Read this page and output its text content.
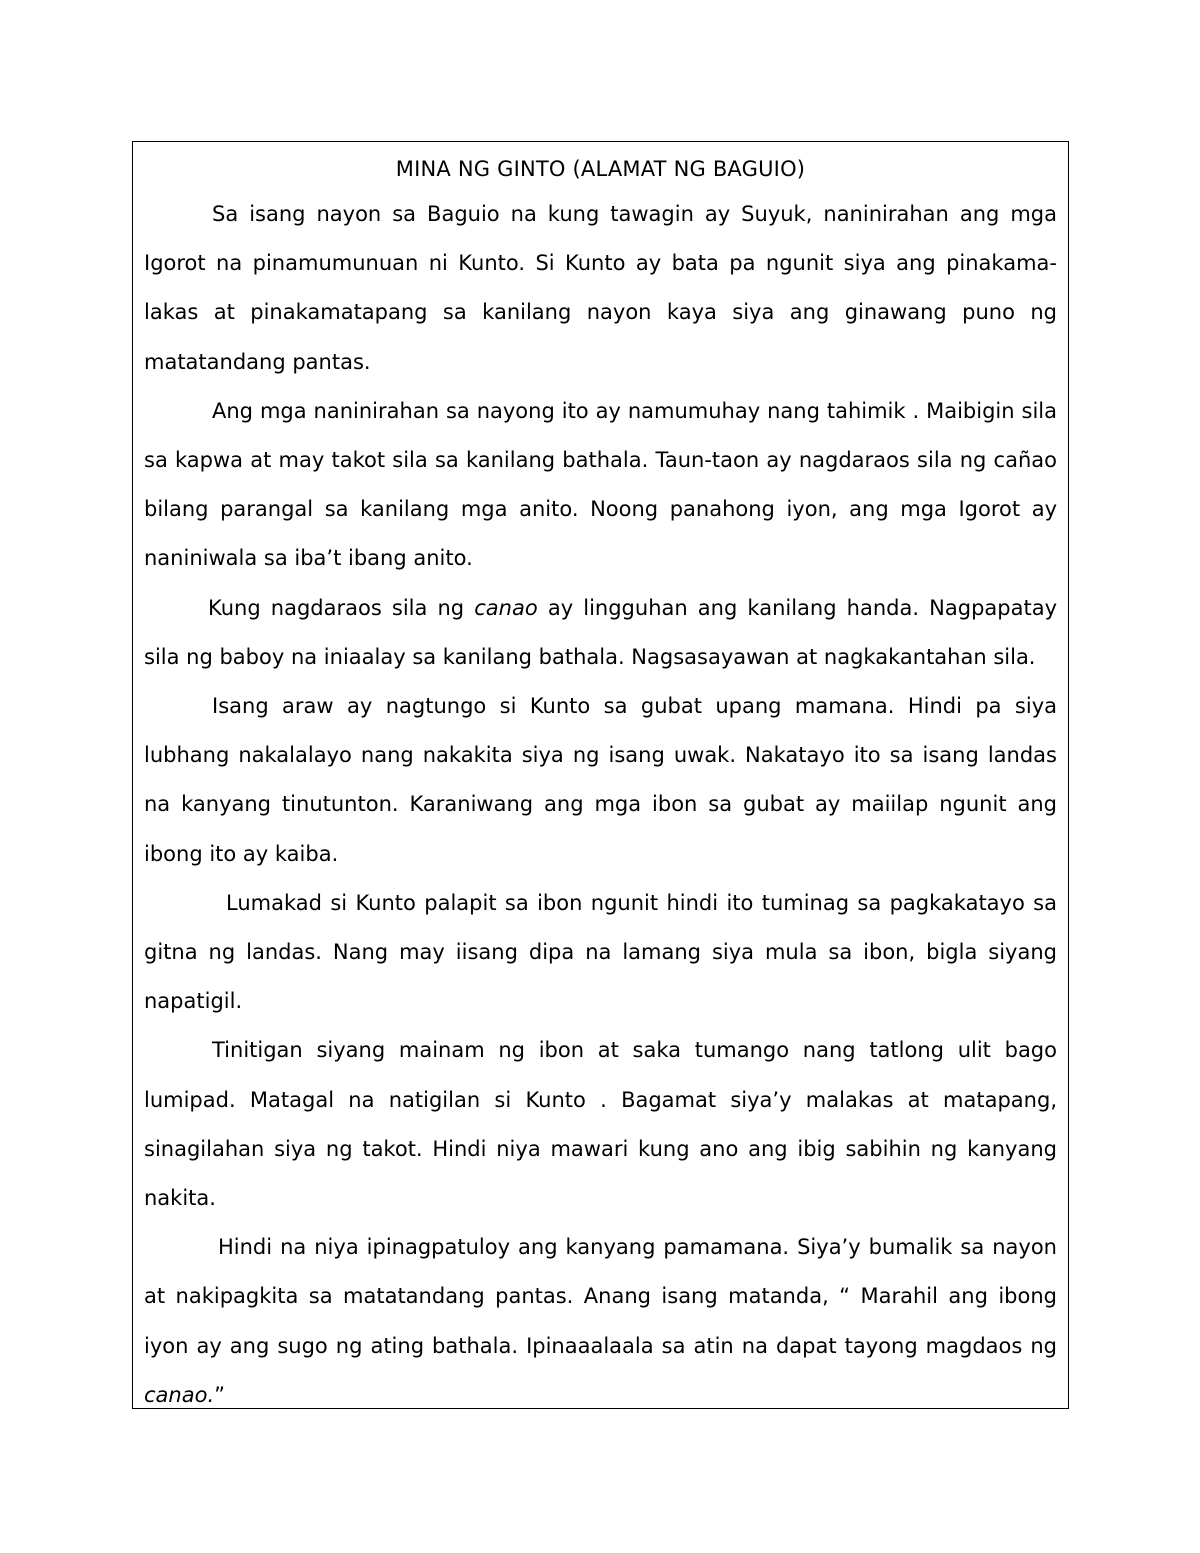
MINA NG GINTO (ALAMAT NG BAGUIO)

Sa isang nayon sa Baguio na kung tawagin ay Suyuk, naninirahan ang mga Igorot na pinamumunuan ni Kunto. Si Kunto ay bata pa ngunit siya ang pinakama-lakas at pinakamatapang sa kanilang nayon kaya siya ang ginawang puno ng matatandang pantas.

Ang mga naninirahan sa nayong ito ay namumuhay nang tahimik . Maibigin sila sa kapwa at may takot sila sa kanilang bathala. Taun-taon ay nagdaraos sila ng cañao bilang parangal sa kanilang mga anito. Noong panahong iyon, ang mga Igorot ay naniniwala sa iba’t ibang anito.

Kung nagdaraos sila ng canao ay lingguhan ang kanilang handa. Nagpapatay sila ng baboy na iniaalay sa kanilang bathala. Nagsasayawan at nagkakantahan sila.

Isang araw ay nagtungo si Kunto sa gubat upang mamana. Hindi pa siya lubhang nakalalayo nang nakakita siya ng isang uwak. Nakatayo ito sa isang landas na kanyang tinutunton. Karaniwang ang mga ibon sa gubat ay maiilap ngunit ang ibong ito ay kaiba.

Lumakad si Kunto palapit sa ibon ngunit hindi ito tuminag sa pagkakatayo sa gitna ng landas. Nang may iisang dipa na lamang siya mula sa ibon, bigla siyang napatigil.

Tinitigan siyang mainam ng ibon at saka tumango nang tatlong ulit bago lumipad. Matagal na natigilan si Kunto . Bagamat siya’y malakas at matapang, sinagilahan siya ng takot. Hindi niya mawari kung ano ang ibig sabihin ng kanyang nakita.

Hindi na niya ipinagpatuloy ang kanyang pamamana. Siya’y bumalik sa nayon at nakipagkita sa matatandang pantas. Anang isang matanda, “ Marahil ang ibong iyon ay ang sugo ng ating bathala. Ipinaaalaala sa atin na dapat tayong magdaos ng canao.”
